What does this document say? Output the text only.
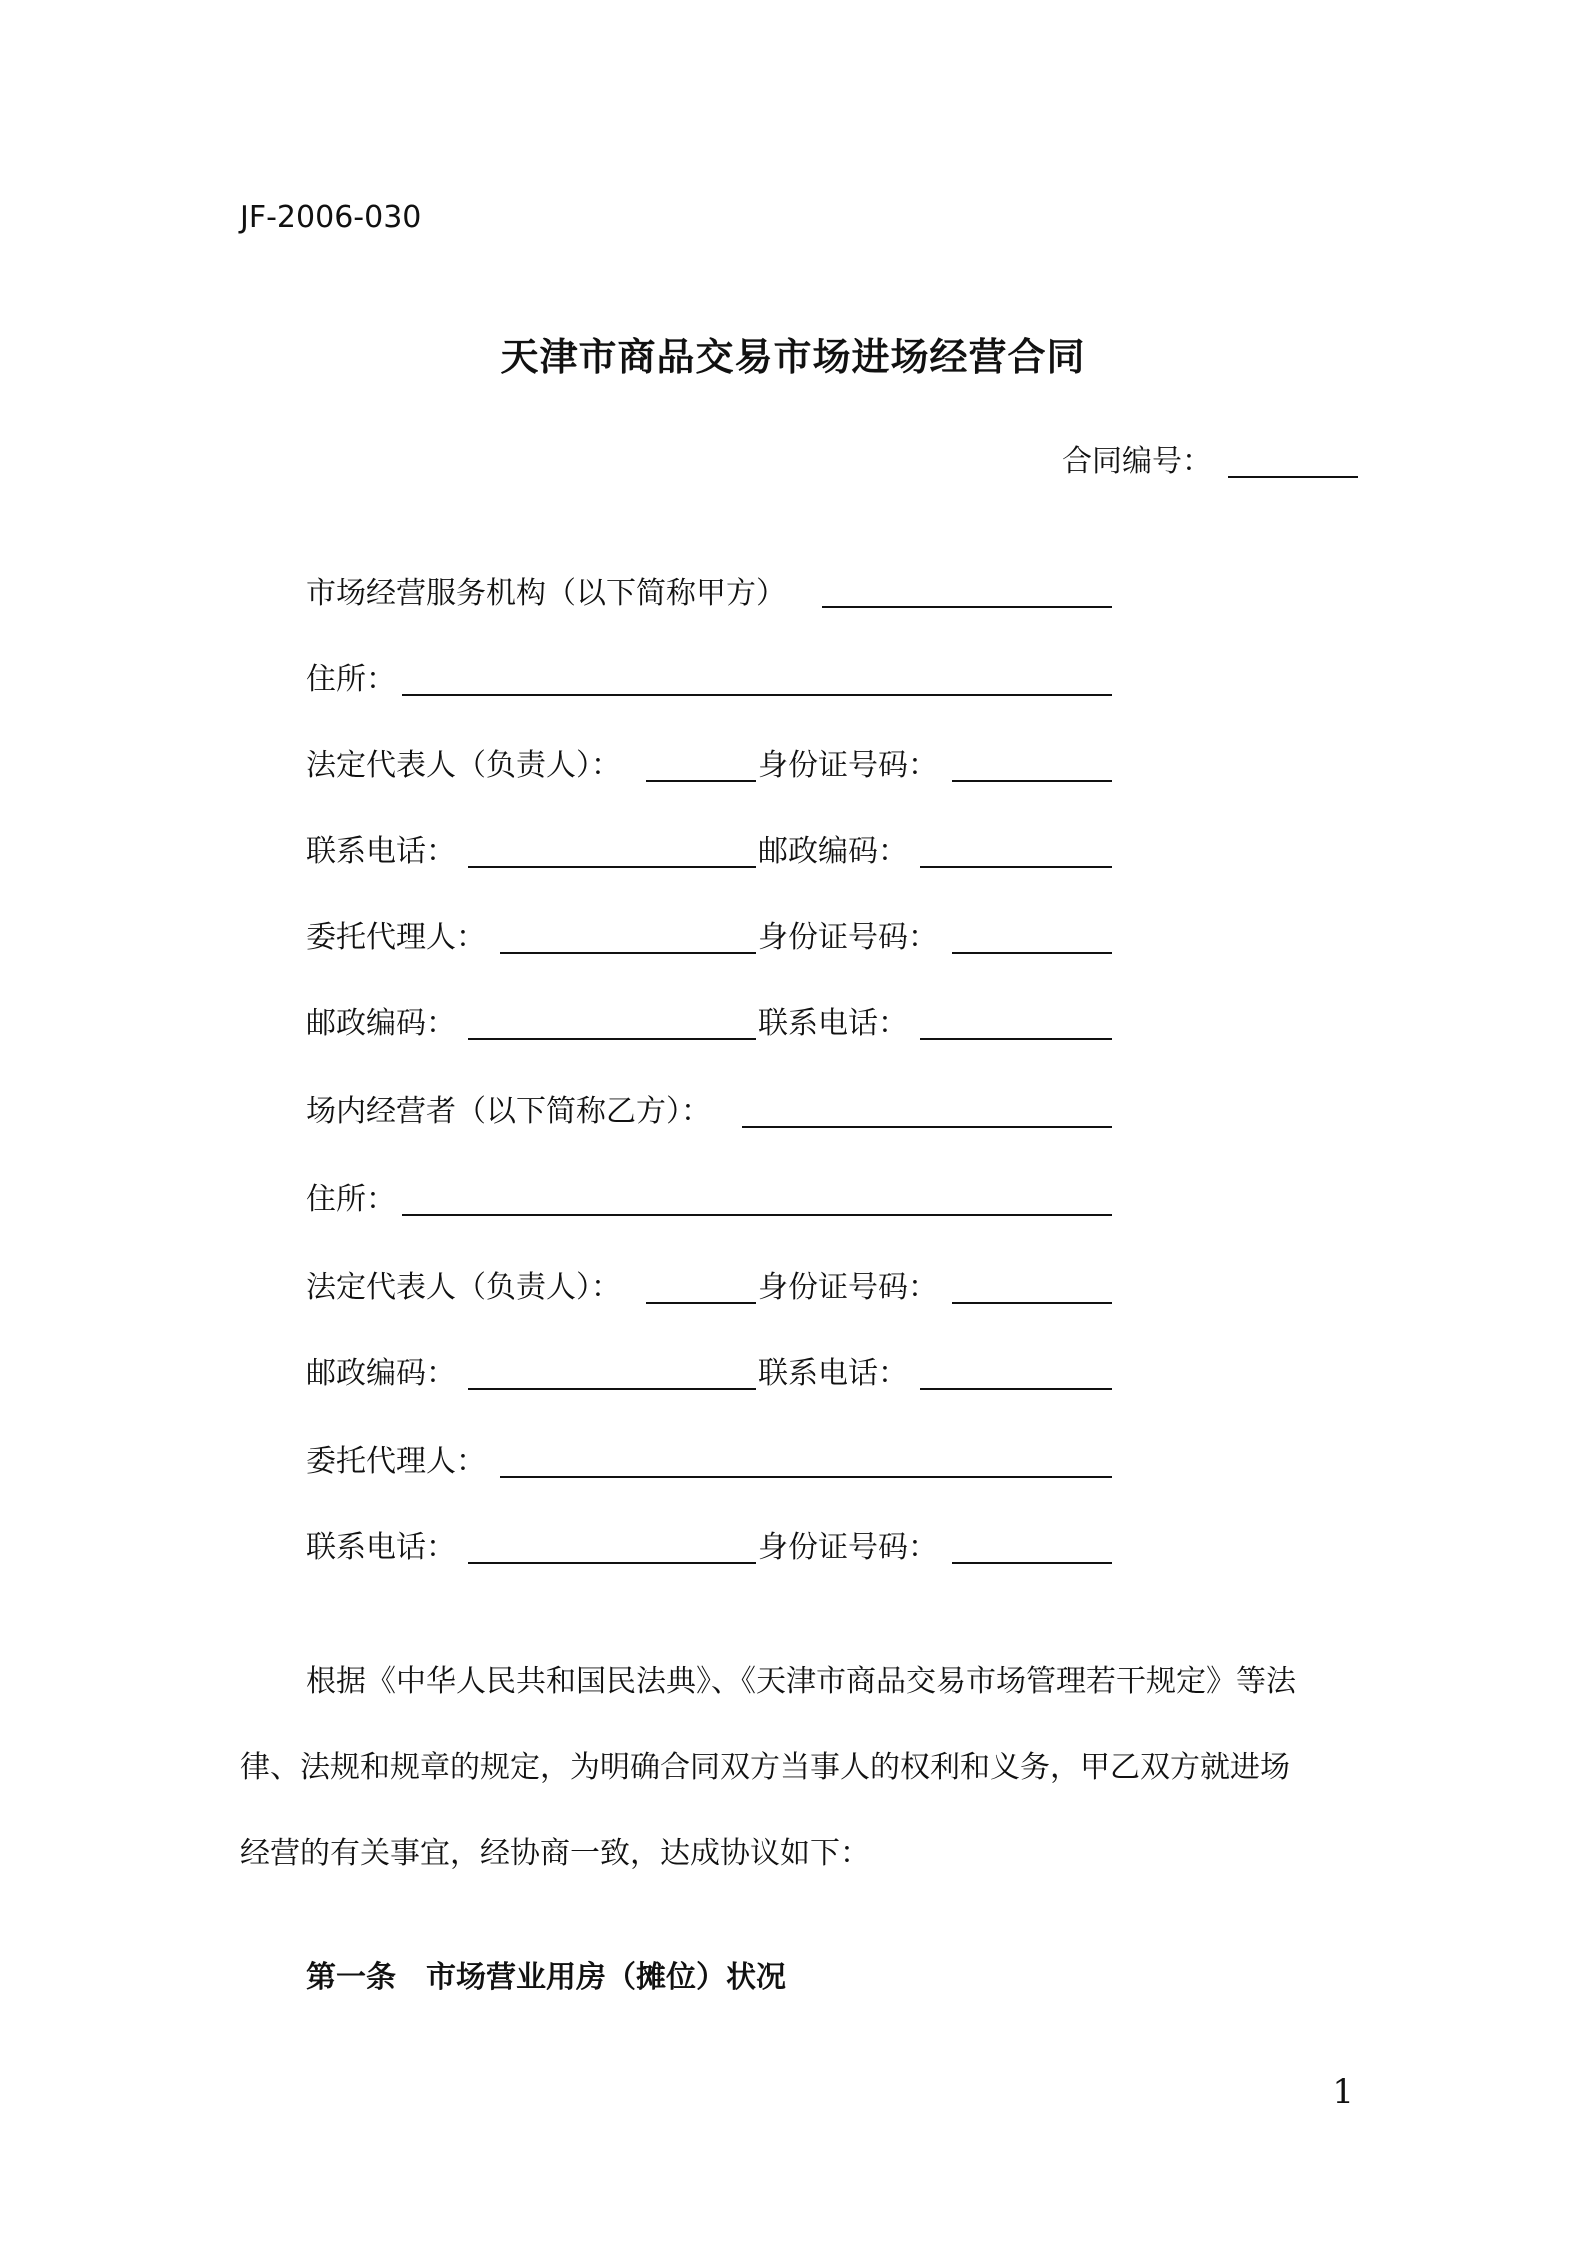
JF-2006-030
天津市商品交易市场进场经营合同
合同编号：
市场经营服务机构（以下简称甲方）
住所：
法定代表人（负责人）：	身份证号码：
联系电话：	邮政编码：
委托代理人：	身份证号码：
邮政编码：	联系电话：
场内经营者（以下简称乙方）：
住所：
法定代表人（负责人）：	身份证号码：
邮政编码：	联系电话：
委托代理人：
联系电话：	身份证号码：
根据《中华人民共和国民法典》、《天津市商品交易市场管理若干规定》等法
律、法规和规章的规定，为明确合同双方当事人的权利和义务，甲乙双方就进场
经营的有关事宜，经协商一致，达成协议如下：
第一条　市场营业用房（摊位）状况
1
